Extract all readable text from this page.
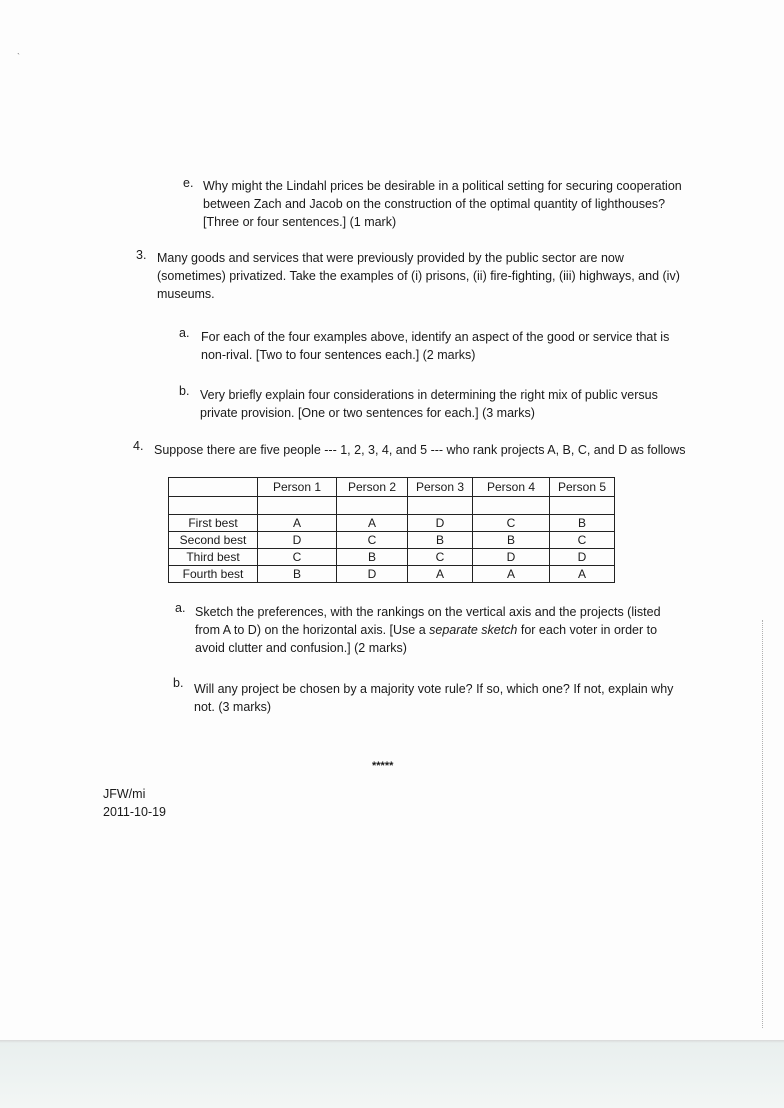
`
e. Why might the Lindahl prices be desirable in a political setting for securing cooperation
between Zach and Jacob on the construction of the optimal quantity of lighthouses?
[Three or four sentences.] (1 mark)
3. Many goods and services that were previously provided by the public sector are now
(sometimes) privatized. Take the examples of (i) prisons, (ii) fire-fighting, (iii) highways, and (iv)
museums.
a. For each of the four examples above, identify an aspect of the good or service that is
non-rival. [Two to four sentences each.] (2 marks)
b. Very briefly explain four considerations in determining the right mix of public versus
private provision. [One or two sentences for each.] (3 marks)
4. Suppose there are five people --- 1, 2, 3, 4, and 5 --- who rank projects A, B, C, and D as follows
	Person 1	Person 2	Person 3	Person 4	Person 5

First best	A	A	D	C	B
Second best	D	C	B	B	C
Third best	C	B	C	D	D
Fourth best	B	D	A	A	A
a. Sketch the preferences, with the rankings on the vertical axis and the projects (listed
from A to D) on the horizontal axis. [Use a separate sketch for each voter in order to
avoid clutter and confusion.] (2 marks)
b. Will any project be chosen by a majority vote rule? If so, which one? If not, explain why
not. (3 marks)
*****
JFW/mi
2011-10-19
